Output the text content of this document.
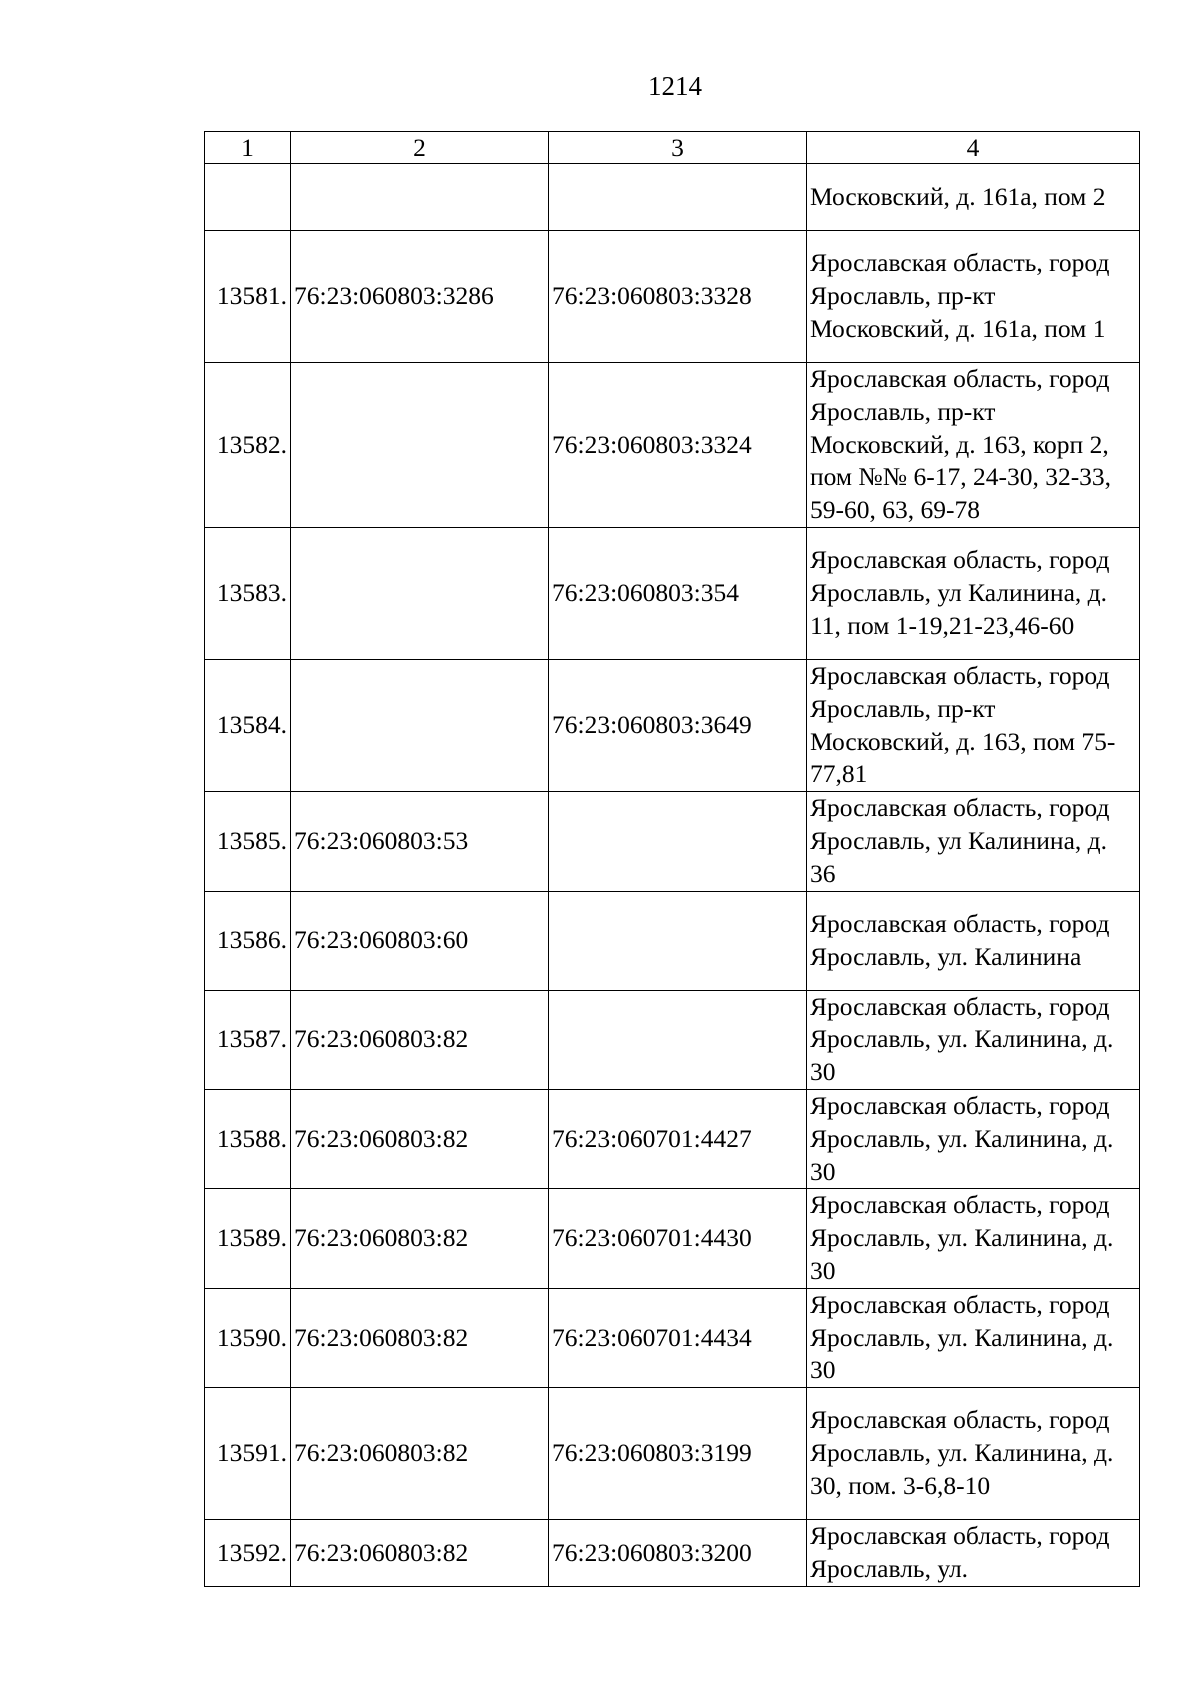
1214
1	2	3	4
			Московский, д. 161а, пом 2
13581.	76:23:060803:3286	76:23:060803:3328	Ярославская область, город Ярославль, пр-кт Московский, д. 161а, пом 1
13582.		76:23:060803:3324	Ярославская область, город Ярославль, пр-кт Московский, д. 163, корп 2, пом №№ 6-17, 24-30, 32-33, 59-60, 63, 69-78
13583.		76:23:060803:354	Ярославская область, город Ярославль, ул Калинина, д. 11, пом 1-19,21-23,46-60
13584.		76:23:060803:3649	Ярославская область, город Ярославль, пр-кт Московский, д. 163, пом 75-77,81
13585.	76:23:060803:53		Ярославская область, город Ярославль, ул Калинина, д. 36
13586.	76:23:060803:60		Ярославская область, город Ярославль, ул. Калинина
13587.	76:23:060803:82		Ярославская область, город Ярославль, ул. Калинина, д. 30
13588.	76:23:060803:82	76:23:060701:4427	Ярославская область, город Ярославль, ул. Калинина, д. 30
13589.	76:23:060803:82	76:23:060701:4430	Ярославская область, город Ярославль, ул. Калинина, д. 30
13590.	76:23:060803:82	76:23:060701:4434	Ярославская область, город Ярославль, ул. Калинина, д. 30
13591.	76:23:060803:82	76:23:060803:3199	Ярославская область, город Ярославль, ул. Калинина, д. 30, пом. 3-6,8-10
13592.	76:23:060803:82	76:23:060803:3200	Ярославская область, город Ярославль, ул.
